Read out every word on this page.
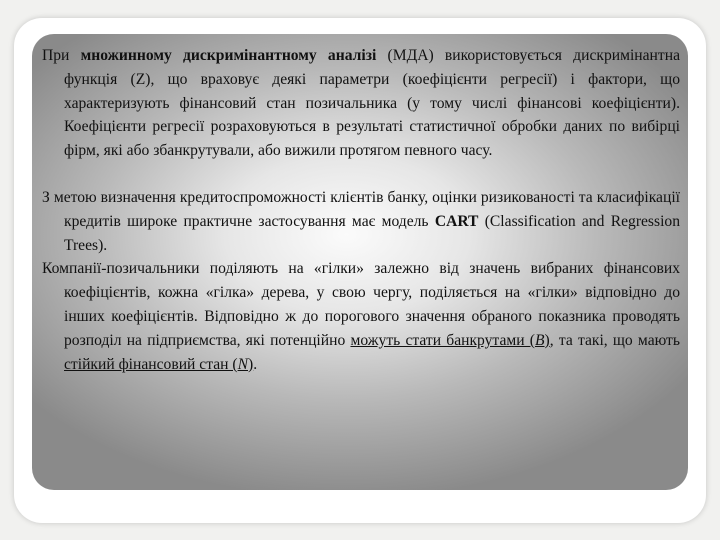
При множинному дискримінантному аналізі (МДА) використовується дискримінантна функція (Z), що враховує деякі параметри (коефіцієнти регресії) і фактори, що характеризують фінансовий стан позичальника (у тому числі фінансові коефіцієнти). Коефіцієнти регресії розраховуються в результаті статистичної обробки даних по вибірці фірм, які або збанкрутували, або вижили протягом певного часу.

З метою визначення кредитоспроможності клієнтів банку, оцінки ризикованості та класифікації кредитів широке практичне застосування має модель CART (Classification and Regression Trees).

Компанії-позичальники поділяють на «гілки» залежно від значень вибраних фінансових коефіцієнтів, кожна «гілка» дерева, у свою чергу, поділяється на «гілки» відповідно до інших коефіцієнтів. Відповідно ж до порогового значення обраного показника проводять розподіл на підприємства, які потенційно можуть стати банкрутами (B), та такі, що мають стійкий фінансовий стан (N).
